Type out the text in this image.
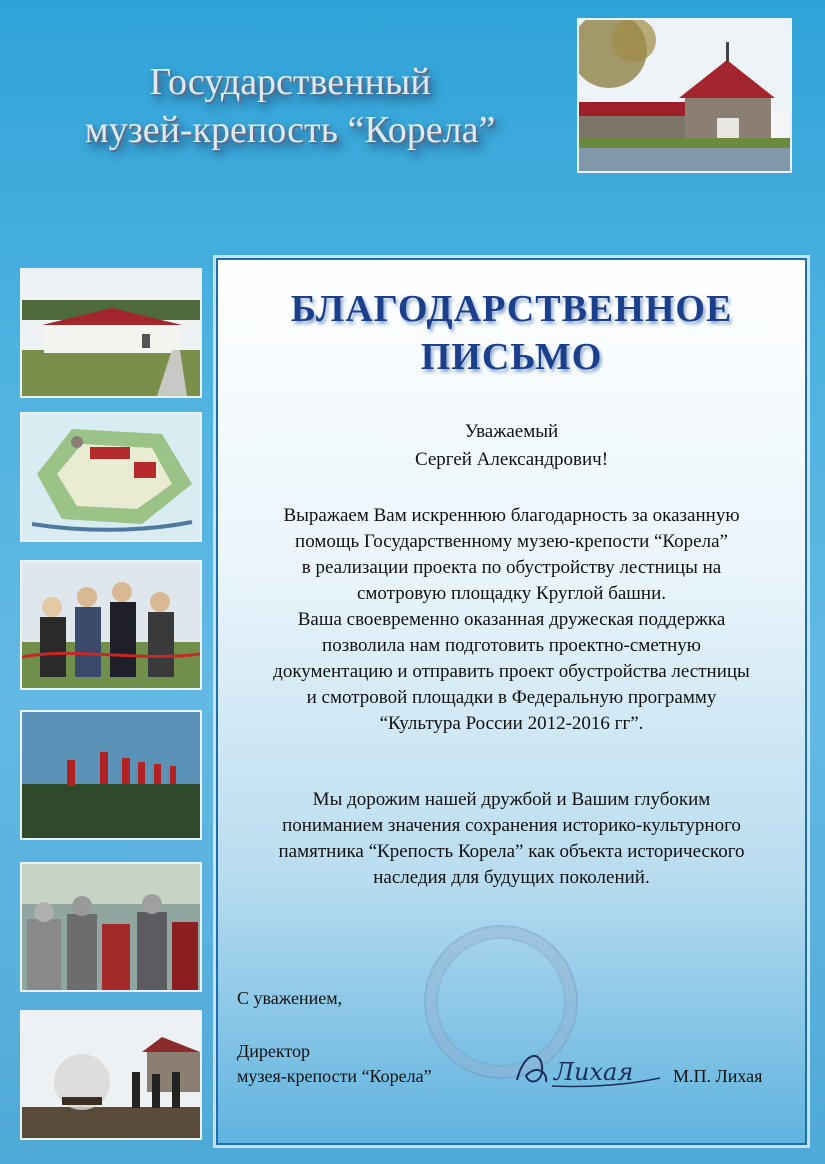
Государственный
музей-крепость “Корела”
БЛАГОДАРСТВЕННОЕ
ПИСЬМО
Уважаемый
Сергей Александрович!
Выражаем Вам искреннюю благодарность за оказанную
помощь Государственному музею-крепости “Корела”
в реализации проекта по обустройству лестницы на
смотровую площадку Круглой башни.
Ваша своевременно оказанная дружеская поддержка
позволила нам подготовить проектно-сметную
документацию и отправить проект обустройства лестницы
и смотровой площадки в Федеральную программу
“Культура России 2012-2016 гг”.
Мы дорожим нашей дружбой и Вашим глубоким
пониманием значения сохранения историко-культурного
памятника “Крепость Корела” как объекта исторического
наследия для будущих поколений.
С уважением,
Директор
музея-крепости “Корела”	Лихая М.П. Лихая
